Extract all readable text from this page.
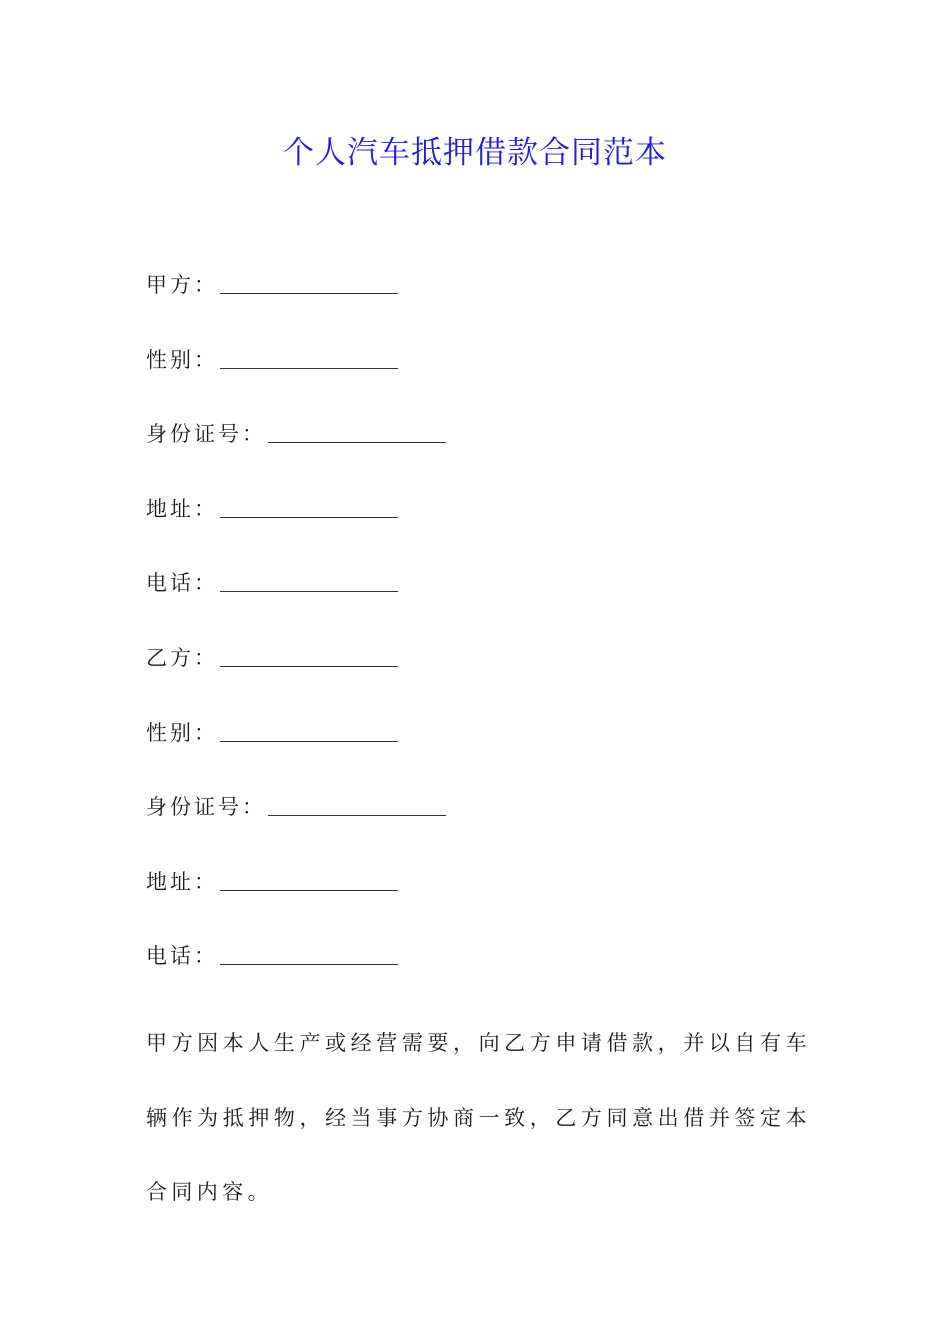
个人汽车抵押借款合同范本
甲方：
性别：
身份证号：
地址：
电话：
乙方：
性别：
身份证号：
地址：
电话：
甲方因本人生产或经营需要，向乙方申请借款，并以自有车辆作为抵押物，经当事方协商一致，乙方同意出借并签定本合同内容。
